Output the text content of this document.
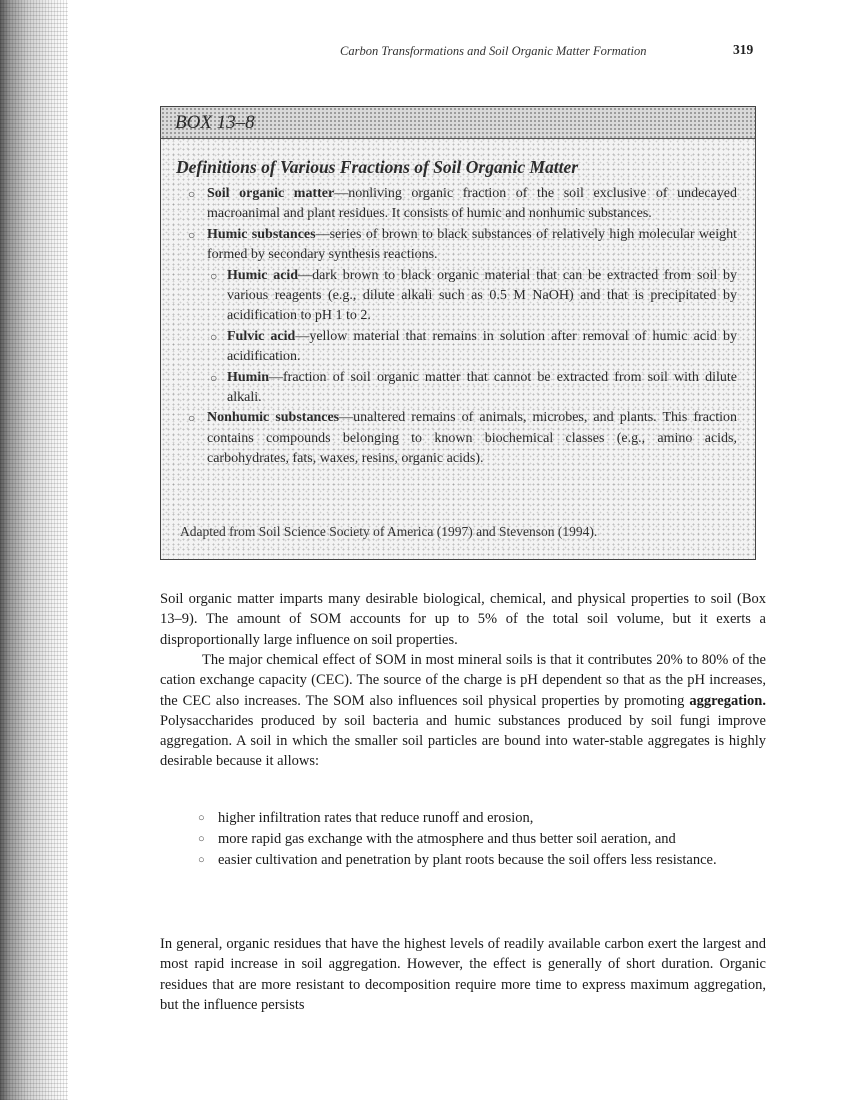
Carbon Transformations and Soil Organic Matter Formation	319
BOX 13–8
Definitions of Various Fractions of Soil Organic Matter
○ Soil organic matter—nonliving organic fraction of the soil exclusive of undecayed macroanimal and plant residues. It consists of humic and nonhumic substances.
○ Humic substances—series of brown to black substances of relatively high molecular weight formed by secondary synthesis reactions.
○ Humic acid—dark brown to black organic material that can be extracted from soil by various reagents (e.g., dilute alkali such as 0.5 M NaOH) and that is precipitated by acidification to pH 1 to 2.
○ Fulvic acid—yellow material that remains in solution after removal of humic acid by acidification.
○ Humin—fraction of soil organic matter that cannot be extracted from soil with dilute alkali.
○ Nonhumic substances—unaltered remains of animals, microbes, and plants. This fraction contains compounds belonging to known biochemical classes (e.g., amino acids, carbohydrates, fats, waxes, resins, organic acids).
Adapted from Soil Science Society of America (1997) and Stevenson (1994).

Soil organic matter imparts many desirable biological, chemical, and physical properties to soil (Box 13–9). The amount of SOM accounts for up to 5% of the total soil volume, but it exerts a disproportionally large influence on soil properties.

The major chemical effect of SOM in most mineral soils is that it contributes 20% to 80% of the cation exchange capacity (CEC). The source of the charge is pH dependent so that as the pH increases, the CEC also increases. The SOM also influences soil physical properties by promoting aggregation. Polysaccharides produced by soil bacteria and humic substances produced by soil fungi improve aggregation. A soil in which the smaller soil particles are bound into water-stable aggregates is highly desirable because it allows:

○ higher infiltration rates that reduce runoff and erosion,
○ more rapid gas exchange with the atmosphere and thus better soil aeration, and
○ easier cultivation and penetration by plant roots because the soil offers less resistance.

In general, organic residues that have the highest levels of readily available carbon exert the largest and most rapid increase in soil aggregation. However, the effect is generally of short duration. Organic residues that are more resistant to decomposition require more time to express maximum aggregation, but the influence persists
